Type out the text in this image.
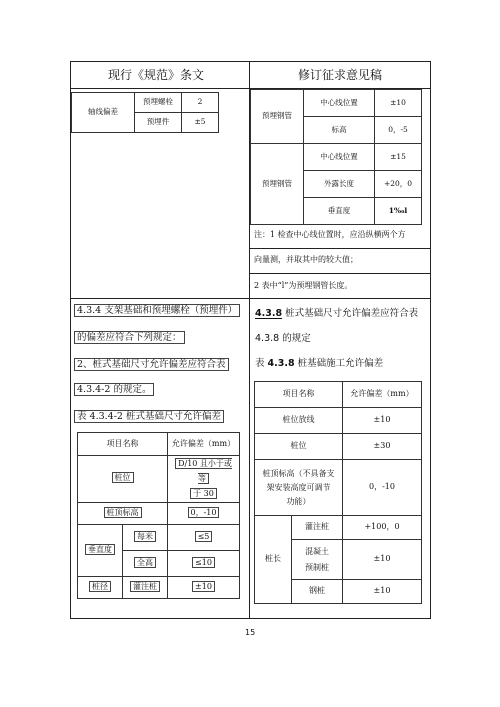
现行《规范》条文	修订征求意见稿
轴线偏差	预埋螺栓	2
	预埋件	±5
预埋钢管	中心线位置	±10
	标高	0，-5
预埋钢管	中心线位置	±15
	外露长度	+20，0
	垂直度	1‰l
注：1 检查中心线位置时，应沿纵横两个方
向量测，并取其中的较大值；
2 表中“l”为预埋钢管长度。
4.3.4 支架基础和预埋螺栓（预埋件）
的偏差应符合下列规定：
2、桩式基础尺寸允许偏差应符合表
4.3.4-2 的规定。
表 4.3.4-2 桩式基础尺寸允许偏差
项目名称		允许偏差（mm）
桩位		D/10 且小于或等
于 30
桩顶标高		0，-10
垂直度	每米	≤5
	全高	≤10
桩径	灌注桩	±10
4.3.8 桩式基础尺寸允许偏差应符合表
4.3.8 的规定
表 4.3.8 桩基础施工允许偏差
项目名称		允许偏差（mm）
桩位放线		±10
桩位		±30
桩顶标高（不具备支
架安装高度可调节
功能）		0，-10
桩长	灌注桩	+100，0
	混凝土
预制桩	±10
	钢桩	±10
15
